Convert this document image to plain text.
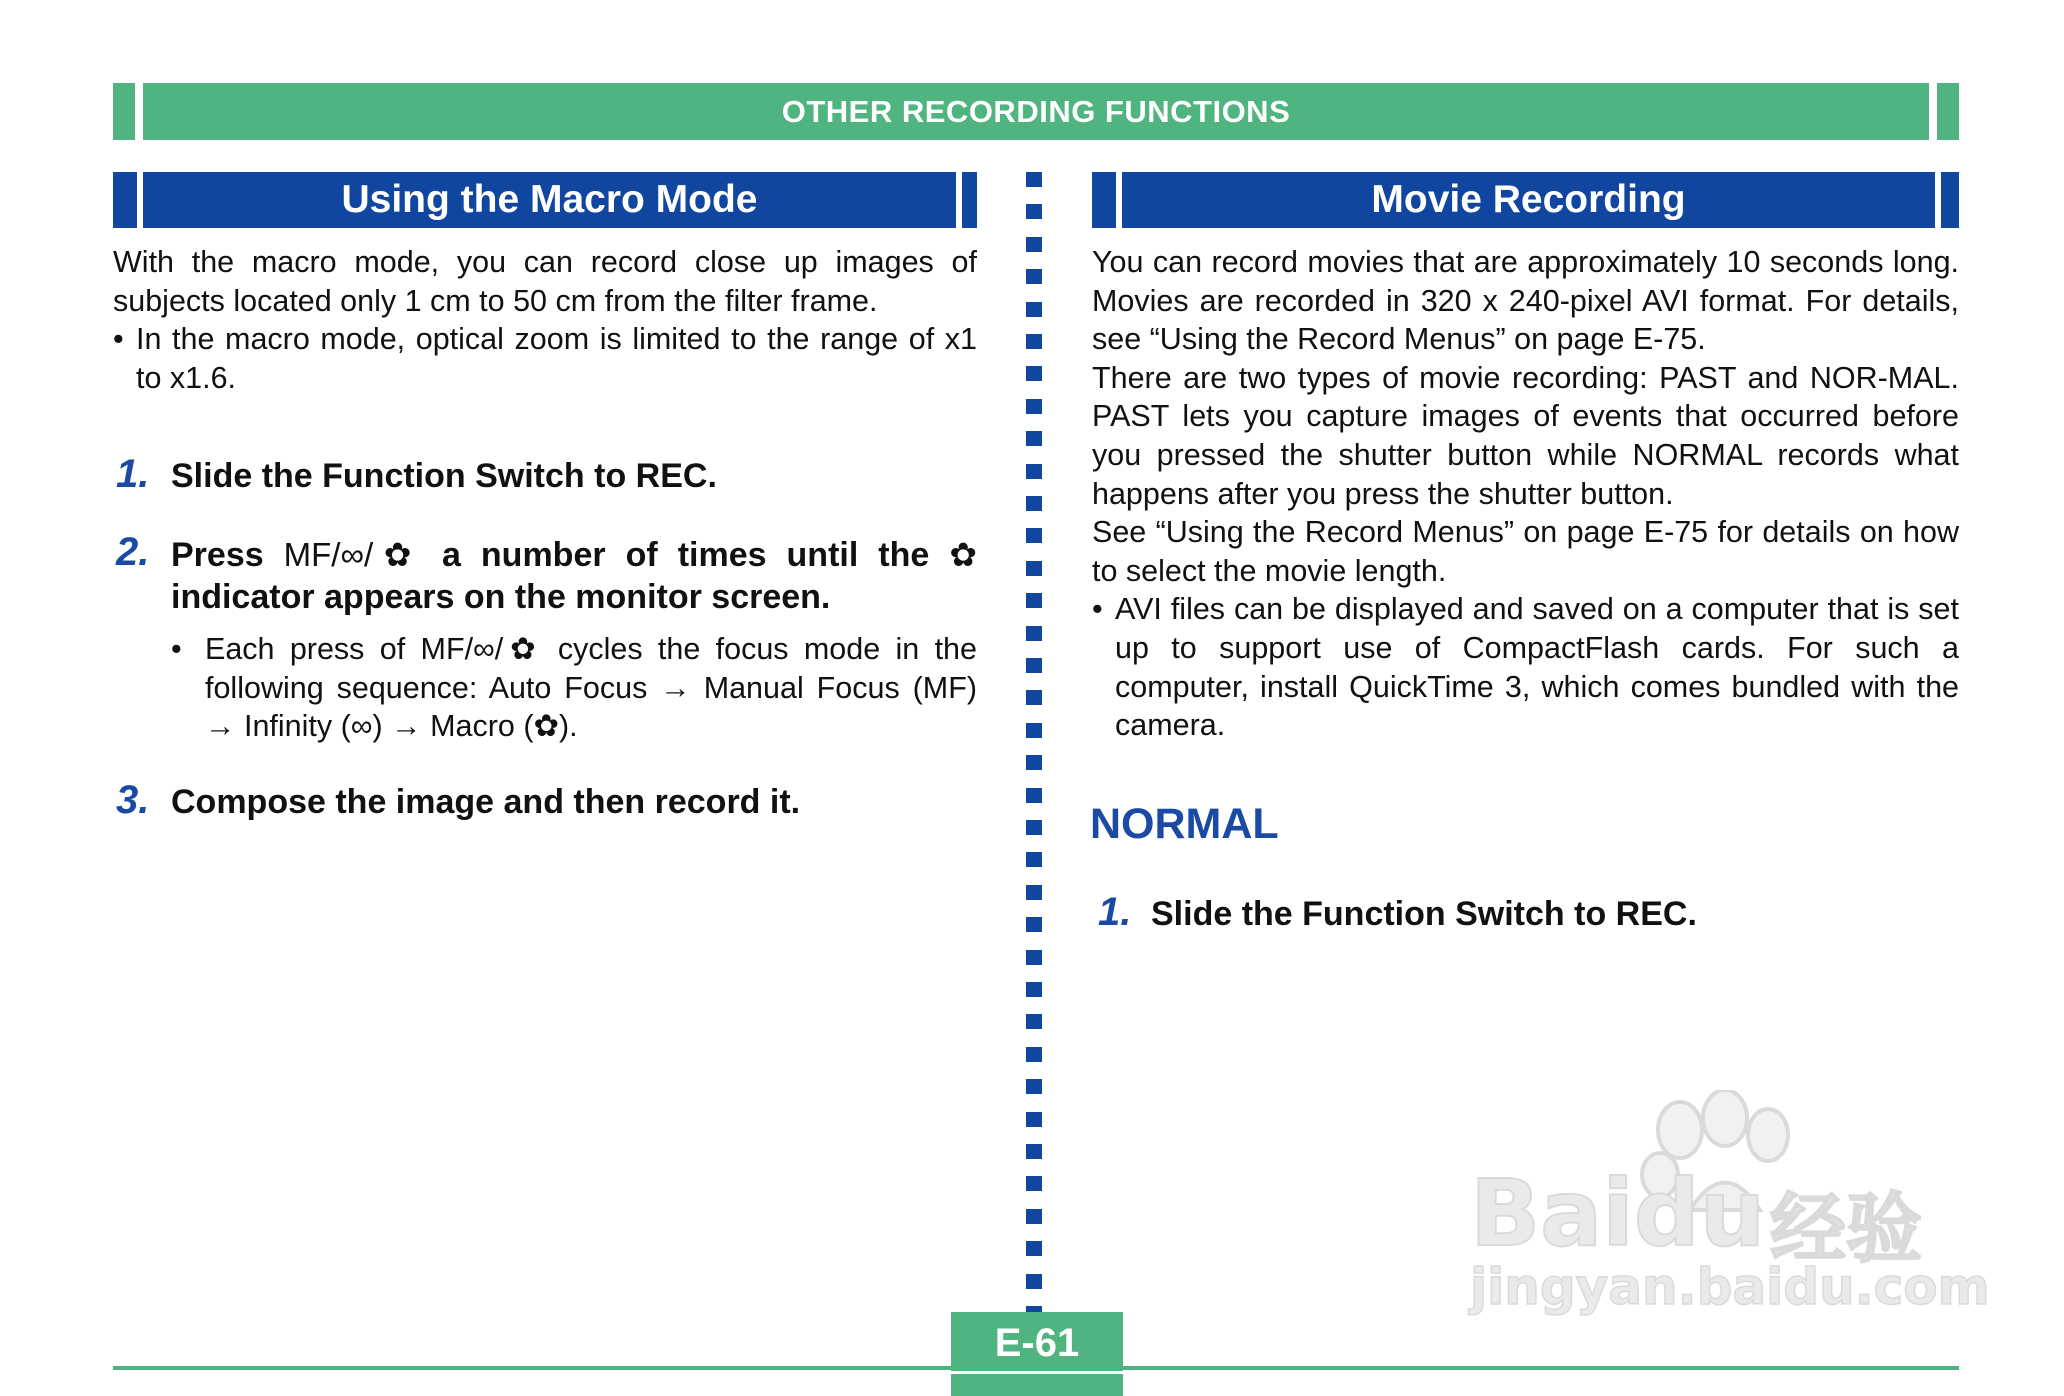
OTHER RECORDING FUNCTIONS
Using the Macro Mode	Movie Recording

With the macro mode, you can record close up images of subjects located only 1 cm to 50 cm from the filter frame.

• In the macro mode, optical zoom is limited to the range of x1 to x1.6.
1. Slide the Function Switch to REC.
2. Press MF/∞/✿ a number of times until the ✿
indicator appears on the monitor screen.
• Each press of MF/∞/✿ cycles the focus mode in the following sequence: Auto Focus → Manual Focus (MF) → Infinity (∞) → Macro (✿).
3. Compose the image and then record it.

You can record movies that are approximately 10 seconds long. Movies are recorded in 320 x 240-pixel AVI format. For details, see “Using the Record Menus” on page E-75.

There are two types of movie recording: PAST and NOR-MAL. PAST lets you capture images of events that occurred before you pressed the shutter button while NORMAL records what happens after you press the shutter button.

See “Using the Record Menus” on page E-75 for details on how to select the movie length.

• AVI files can be displayed and saved on a computer that is set up to support use of CompactFlash cards. For such a computer, install QuickTime 3, which comes bundled with the camera.
NORMAL
1. Slide the Function Switch to REC.
Baidu 经验
jingyan.baidu.com
E-61
